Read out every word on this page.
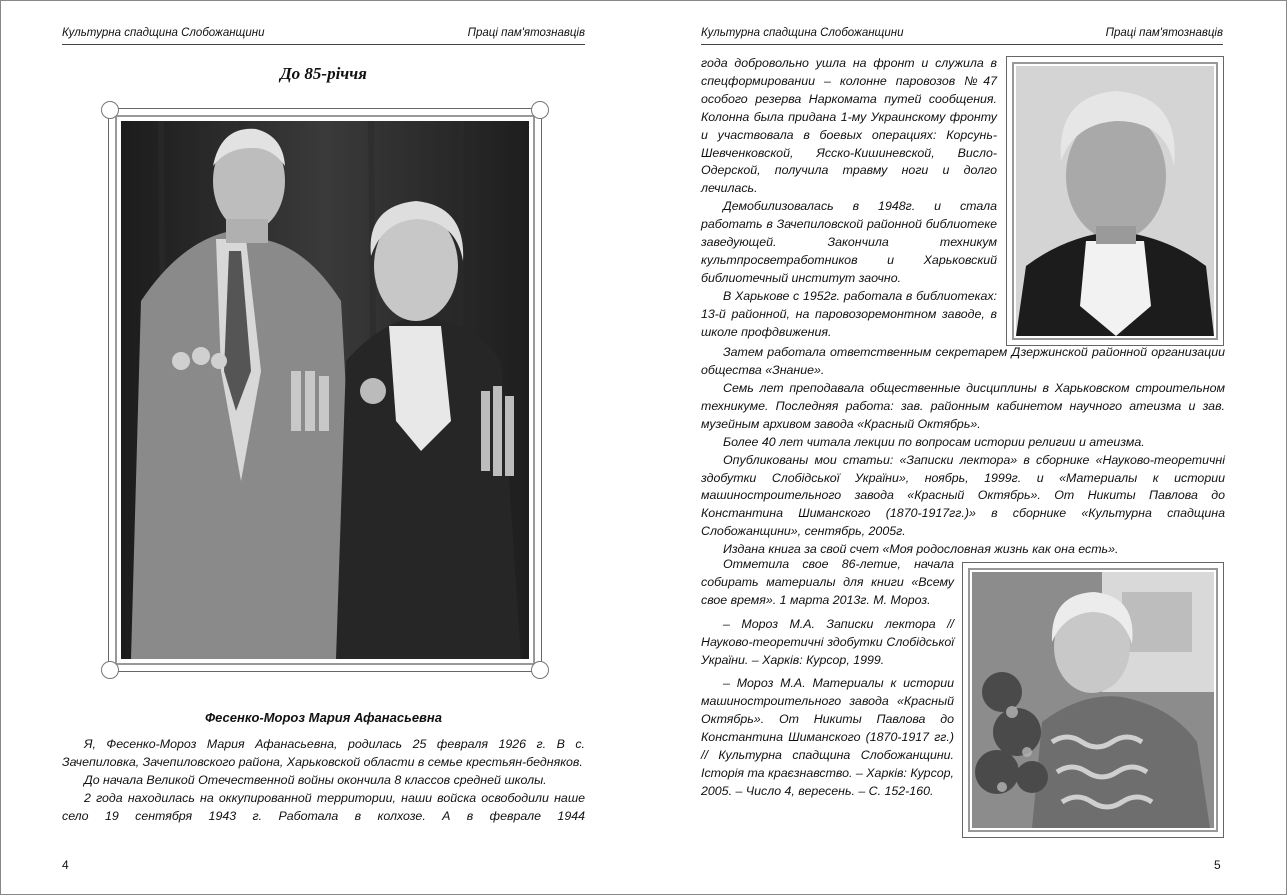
Культурна спадщина Слобожанщини	Праці пам'ятознавців
До 85-річчя
Фесенко-Мороз Мария Афанасьевна

Я, Фесенко-Мороз Мария Афанасьевна, родилась 25 февраля 1926 г. В с. Зачепиловка, Зачепиловского района, Харьковской области в семье крестьян-бедняков.

До начала Великой Отечественной войны окончила 8 классов средней школы.

2 года находилась на оккупированной территории, наши войска освободили наше село 19 сентября 1943 г. Работала в колхозе. А в феврале 1944

4
Культурна спадщина Слобожанщини	Праці пам'ятознавців

года добровольно ушла на фронт и служила в спецформировании – колонне паровозов №47 особого резерва Наркомата путей сообщения. Колонна была придана 1-му Украинскому фронту и участвовала в боевых операциях: Корсунь-Шевченковской, Ясско-Кишиневской, Висло-Одерской, получила травму ноги и долго лечилась.

Демобилизовалась в 1948г. и стала работать в Зачепиловской районной библиотеке заведующей. Закончила техникум культпросветработников и Харьковский библиотечный институт заочно.

В Харькове с 1952г. работала в библиотеках: 13-й районной, на паровозоремонтном заводе, в школе профдвижения.

Затем работала ответственным секретарем Дзержинской районной организации общества «Знание».

Семь лет преподавала общественные дисциплины в Харьковском строительном техникуме. Последняя работа: зав. районным кабинетом научного атеизма и зав. музейным архивом завода «Красный Октябрь».

Более 40 лет читала лекции по вопросам истории религии и атеизма.

Опубликованы мои статьи: «Записки лектора» в сборнике «Науково-теоретичні здобутки Слобідської України», ноябрь, 1999г. и «Материалы к истории машиностроительного завода «Красный Октябрь». От Никиты Павлова до Константина Шиманского (1870-1917гг.)» в сборнике «Культурна спадщина Слобожанщини», сентябрь, 2005г.

Издана книга за свой счет «Моя родословная жизнь как она есть».

Отметила свое 86-летие, начала собирать материалы для книги «Всему свое время». 1 марта 2013г. М. Мороз.

– Мороз М.А. Записки лектора // Науково-теоретичні здобутки Слобідської України. – Харків: Курсор, 1999.

– Мороз М.А. Материалы к истории машиностроительного завода «Красный Октябрь». От Никиты Павлова до Константина Шиманского (1870-1917 гг.) // Культурна спадщина Слобожанщини. Історія та краєзнавство. – Харків: Курсор, 2005. – Число 4, вересень. – С. 152-160.

5
